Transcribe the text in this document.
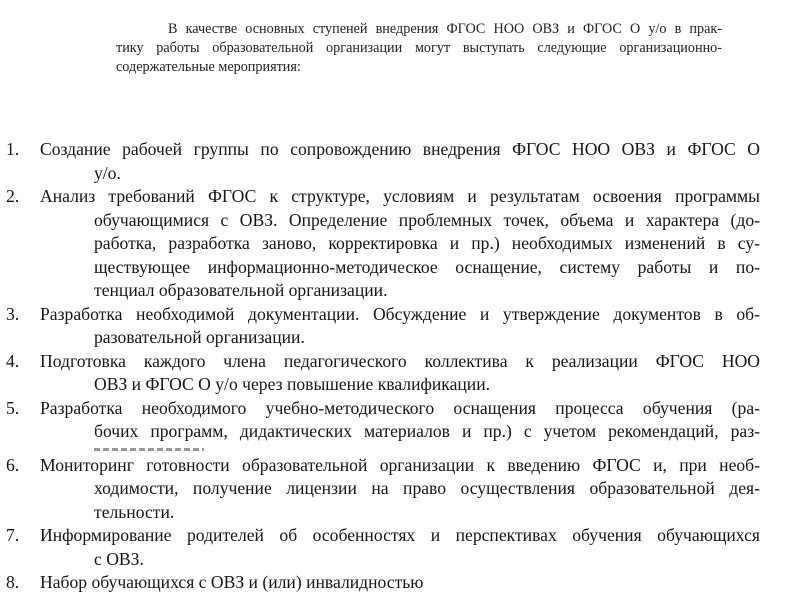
В качестве основных ступеней внедрения ФГОС НОО ОВЗ и ФГОС О у/о в прак-
тику работы образовательной организации могут выступать следующие организационно-
содержательные мероприятия:
1. Создание рабочей группы по сопровождению внедрения ФГОС НОО ОВЗ и ФГОС О
у/о.
2. Анализ требований ФГОС к структуре, условиям и результатам освоения программы
обучающимися с ОВЗ. Определение проблемных точек, объема и характера (до-
работка, разработка заново, корректировка и пр.) необходимых изменений в су-
ществующее информационно-методическое оснащение, систему работы и по-
тенциал образовательной организации.
3. Разработка необходимой документации. Обсуждение и утверждение документов в об-
разовательной организации.
4. Подготовка каждого члена педагогического коллектива к реализации ФГОС НОО
ОВЗ и ФГОС О у/о через повышение квалификации.
5. Разработка необходимого учебно-методического оснащения процесса обучения (ра-
бочих программ, дидактических материалов и пр.) с учетом рекомендаций, раз-
6. Мониторинг готовности образовательной организации к введению ФГОС и, при необ-
ходимости, получение лицензии на право осуществления образовательной дея-
тельности.
7. Информирование родителей об особенностях и перспективах обучения обучающихся
с ОВЗ.
8. Набор обучающихся с ОВЗ и (или) инвалидностью
